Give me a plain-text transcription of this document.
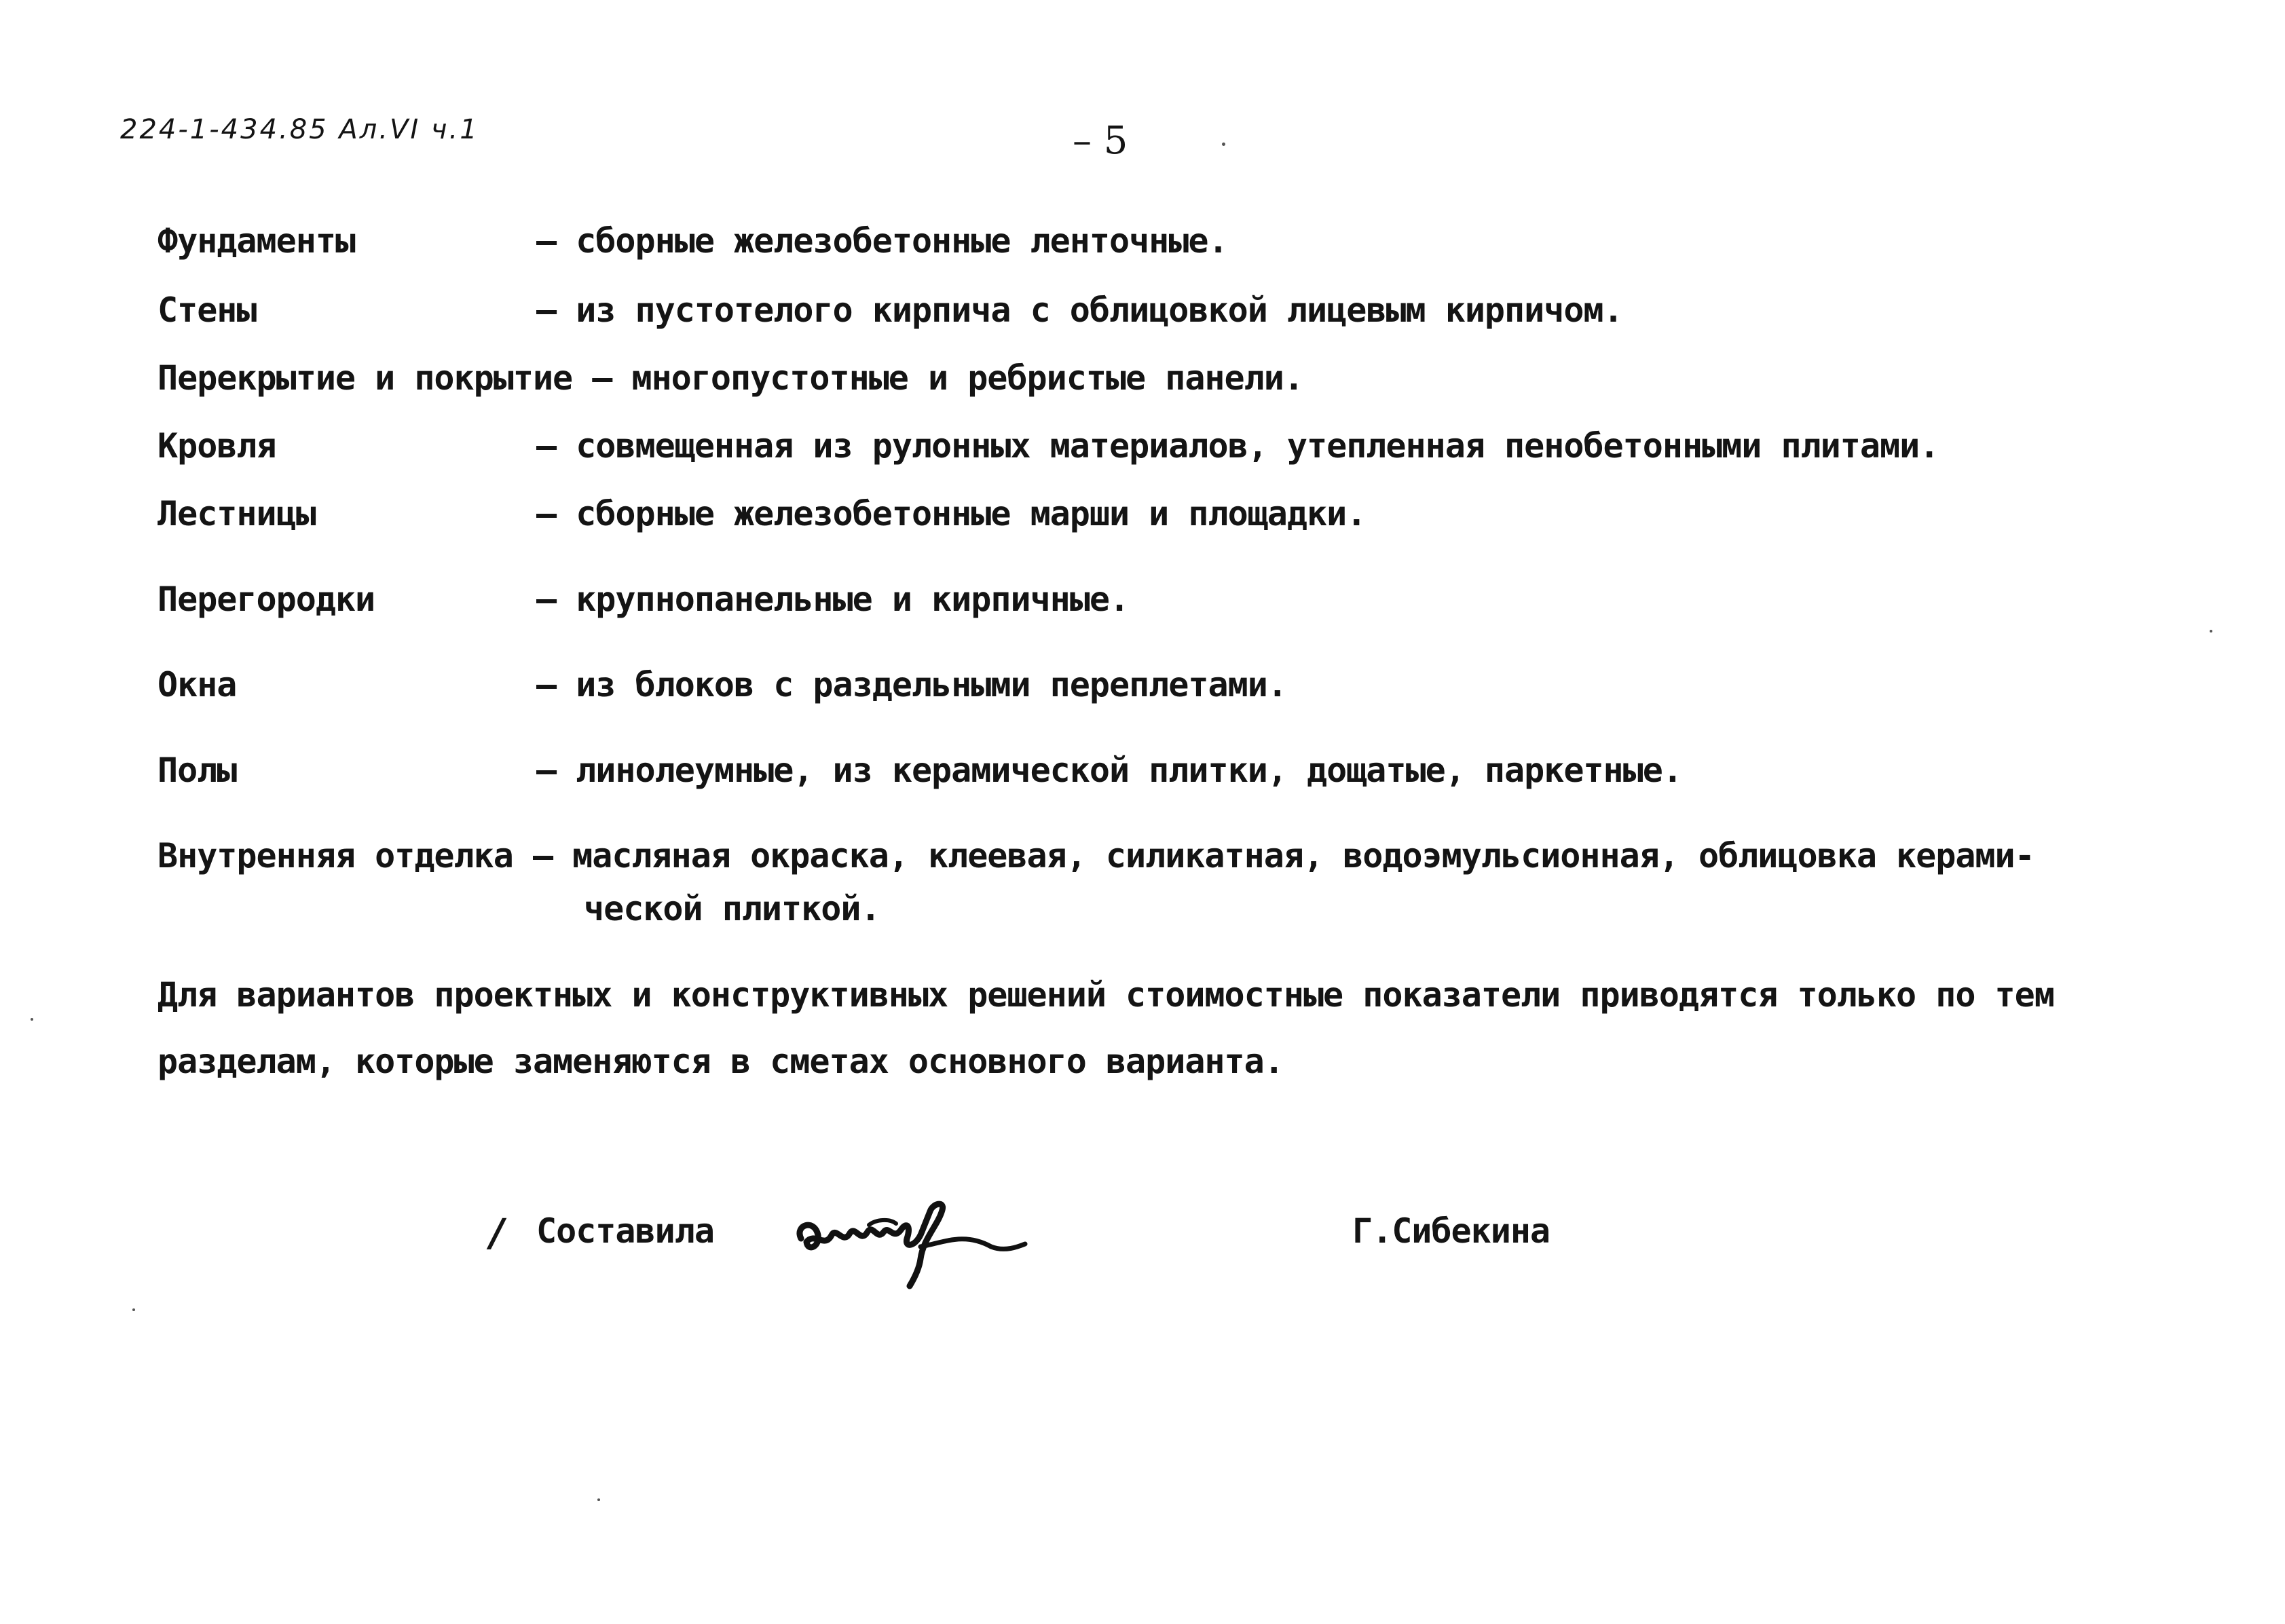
224-1-434.85 Ал.VI ч.1	– 5
Фундаменты	– сборные железобетонные ленточные.
Стены	– из пустотелого кирпича с облицовкой лицевым кирпичом.
Перекрытие и покрытие – многопустотные и ребристые панели.
Кровля	– совмещенная из рулонных материалов, утепленная пенобетонными плитами.
Лестницы	– сборные железобетонные марши и площадки.
Перегородки	– крупнопанельные и кирпичные.
Окна	– из блоков с раздельными переплетами.
Полы	– линолеумные, из керамической плитки, дощатые, паркетные.
Внутренняя отделка – масляная окраска, клеевая, силикатная, водоэмульсионная, облицовка керами-
ческой плиткой.
Для вариантов проектных и конструктивных решений стоимостные показатели приводятся только по тем
разделам, которые заменяются в сметах основного варианта.
/ Составила	Г.Сибекина
